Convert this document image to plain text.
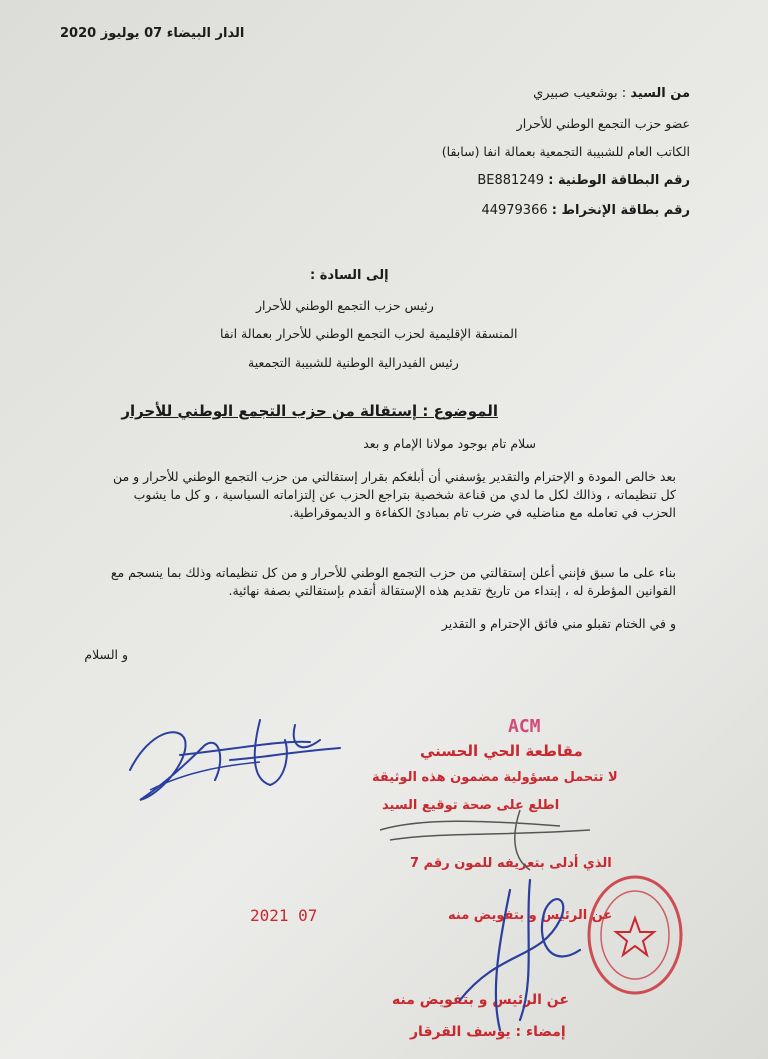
الدار البيضاء 07 يوليوز 2020
من السيد : بوشعيب صبيري
عضو حزب التجمع الوطني للأحرار
الكاتب العام للشبيبة التجمعية بعمالة انفا (سابقا)
رقم البطاقة الوطنية : BE881249
رقم بطاقة الإنخراط : 44979366
إلى السادة :
رئيس حزب التجمع الوطني للأحرار
المنسقة الإقليمية لحزب التجمع الوطني للأحرار بعمالة انفا
رئيس الفيدرالية الوطنية للشبيبة التجمعية
الموضوع : إستقالة من حزب التجمع الوطني للأحرار
سلام تام بوجود مولانا الإمام و بعد
بعد خالص المودة و الإحترام والتقدير يؤسفني أن أبلغكم بقرار إستقالتي من حزب التجمع الوطني للأحرار و من كل تنظيماته ، وذالك لكل ما لدي من قناعة شخصية بتراجع الحزب عن إلتزاماته السياسية ، و كل ما يشوب الحزب في تعامله مع مناضليه في ضرب تام بمبادئ الكفاءة و الديموقراطية.
بناء على ما سبق فإنني أعلن إستقالتي من حزب التجمع الوطني للأحرار و من كل تنظيماته وذلك بما ينسجم مع القوانين المؤطرة له ، إبتداء من تاريخ تقديم هذه الإستقالة أتقدم بإستقالتي بصفة نهائية.
و في الختام تقبلو مني فائق الإحترام و التقدير
و السلام
ACM
مقاطعة الحي الحسني
لا تتحمل مسؤولية مضمون هذه الوثيقة
اطلع على صحة توقيع السيد
الذي أدلى بتعريفه للمون رقم 7
عن الرئيس و بتفويض منه
عن الرئيس و بتفويض منه
إمضاء : يوسف القرقار
2021 07
